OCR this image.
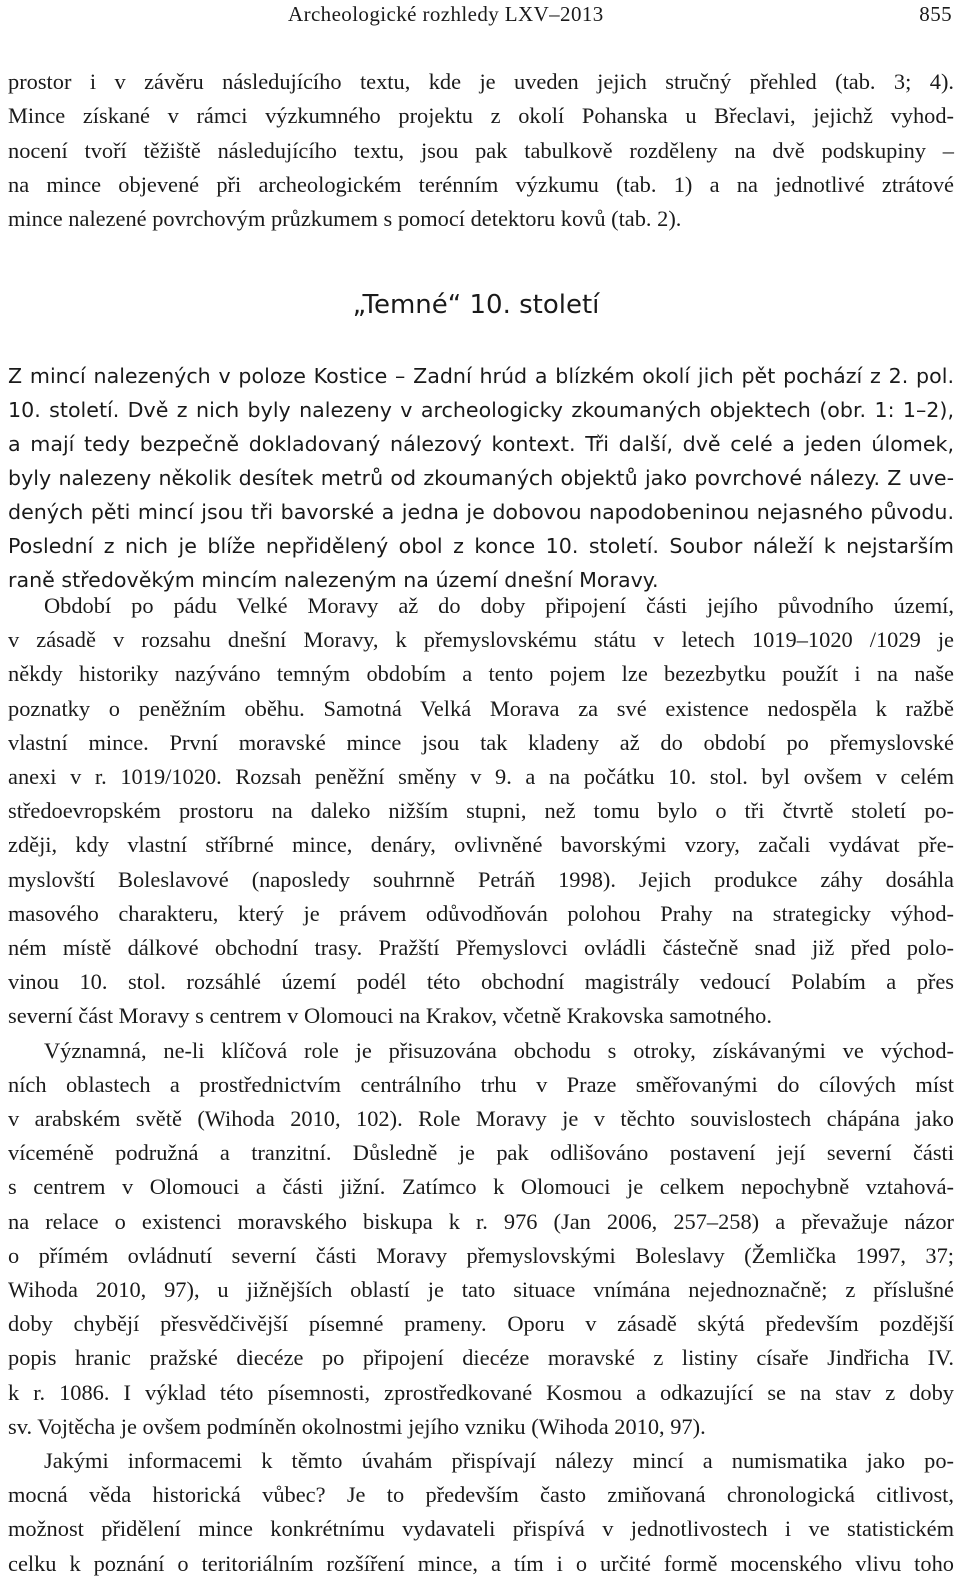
Archeologické rozhledy LXV–2013	855
prostor i v závěru následujícího textu, kde je uveden jejich stručný přehled (tab. 3; 4).
Mince získané v rámci výzkumného projektu z okolí Pohanska u Břeclavi, jejichž vyhod-
nocení tvoří těžiště následujícího textu, jsou pak tabulkově rozděleny na dvě podskupiny –
na mince objevené při archeologickém terénním výzkumu (tab. 1) a na jednotlivé ztrátové
mince nalezené povrchovým průzkumem s pomocí detektoru kovů (tab. 2).
Z mincí nalezených v poloze Kostice – Zadní hrúd a blízkém okolí jich pět pochází z 2. pol.
10. století. Dvě z nich byly nalezeny v archeologicky zkoumaných objektech (obr. 1: 1–2),
a mají tedy bezpečně dokladovaný nálezový kontext. Tři další, dvě celé a jeden úlomek,
byly nalezeny několik desítek metrů od zkoumaných objektů jako povrchové nálezy. Z uve-
dených pěti mincí jsou tři bavorské a jedna je dobovou napodobeninou nejasného původu.
Poslední z nich je blíže nepřidělený obol z konce 10. století. Soubor náleží k nejstarším
raně středověkým mincím nalezeným na území dnešní Moravy.
Období po pádu Velké Moravy až do doby připojení části jejího původního území,
v zásadě v rozsahu dnešní Moravy, k přemyslovskému státu v letech 1019–1020 /1029 je
někdy historiky nazýváno temným obdobím a tento pojem lze bezezbytku použít i na naše
poznatky o peněžním oběhu. Samotná Velká Morava za své existence nedospěla k ražbě
vlastní mince. První moravské mince jsou tak kladeny až do období po přemyslovské
anexi v r. 1019/1020. Rozsah peněžní směny v 9. a na počátku 10. stol. byl ovšem v celém
středoevropském prostoru na daleko nižším stupni, než tomu bylo o tři čtvrtě století po-
zději, kdy vlastní stříbrné mince, denáry, ovlivněné bavorskými vzory, začali vydávat pře-
myslovští Boleslavové (naposledy souhrnně Petráň 1998). Jejich produkce záhy dosáhla
masového charakteru, který je právem odůvodňován polohou Prahy na strategicky výhod-
ném místě dálkové obchodní trasy. Pražští Přemyslovci ovládli částečně snad již před polo-
vinou 10. stol. rozsáhlé území podél této obchodní magistrály vedoucí Polabím a přes
severní část Moravy s centrem v Olomouci na Krakov, včetně Krakovska samotného.
Významná, ne-li klíčová role je přisuzována obchodu s otroky, získávanými ve východ-
ních oblastech a prostřednictvím centrálního trhu v Praze směřovanými do cílových míst
v arabském světě (Wihoda 2010, 102). Role Moravy je v těchto souvislostech chápána jako
víceméně podružná a tranzitní. Důsledně je pak odlišováno postavení její severní části
s centrem v Olomouci a části jižní. Zatímco k Olomouci je celkem nepochybně vztahová-
na relace o existenci moravského biskupa k r. 976 (Jan 2006, 257–258) a převažuje názor
o přímém ovládnutí severní části Moravy přemyslovskými Boleslavy (Žemlička 1997, 37;
Wihoda 2010, 97), u jižnějších oblastí je tato situace vnímána nejednoznačně; z příslušné
doby chybějí přesvědčivější písemné prameny. Oporu v zásadě skýtá především pozdější
popis hranic pražské diecéze po připojení diecéze moravské z listiny císaře Jindřicha IV.
k r. 1086. I výklad této písemnosti, zprostředkované Kosmou a odkazující se na stav z doby
sv. Vojtěcha je ovšem podmíněn okolnostmi jejího vzniku (Wihoda 2010, 97).
Jakými informacemi k těmto úvahám přispívají nálezy mincí a numismatika jako po-
mocná věda historická vůbec? Je to především často zmiňovaná chronologická citlivost,
možnost přidělení mince konkrétnímu vydavateli přispívá v jednotlivostech i ve statistickém
celku k poznání o teritoriálním rozšíření mince, a tím i o určité formě mocenského vlivu toho
„Temné“ 10. století
